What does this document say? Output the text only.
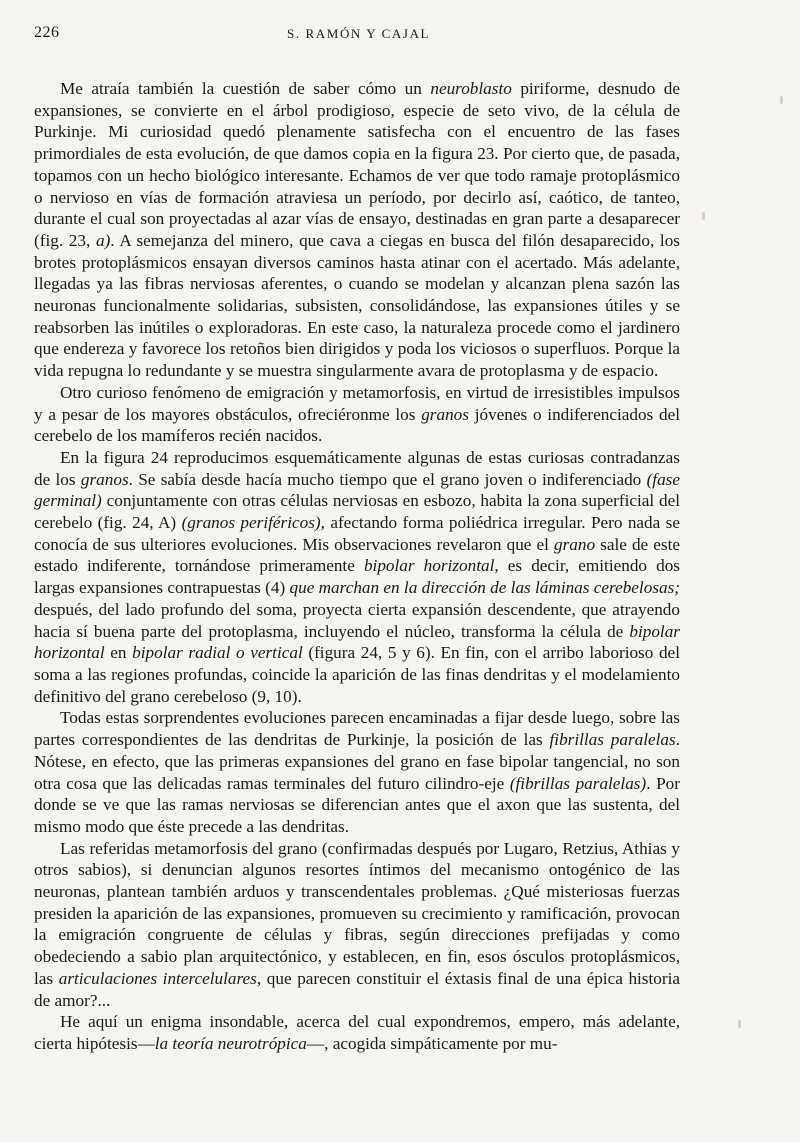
226	S. RAMÓN Y CAJAL

Me atraía también la cuestión de saber cómo un neuroblasto piriforme, desnudo de expansiones, se convierte en el árbol prodigioso, especie de seto vivo, de la célula de Purkinje. Mi curiosidad quedó plenamente satisfecha con el encuentro de las fases primordiales de esta evolución, de que damos copia en la figura 23. Por cierto que, de pasada, topamos con un hecho biológico interesante. Echamos de ver que todo ramaje protoplásmico o nervioso en vías de formación atraviesa un período, por decirlo así, caótico, de tanteo, durante el cual son proyectadas al azar vías de ensayo, destinadas en gran parte a desaparecer (fig. 23, a). A semejanza del minero, que cava a ciegas en busca del filón desaparecido, los brotes protoplásmicos ensayan diversos caminos hasta atinar con el acertado. Más adelante, llegadas ya las fibras nerviosas aferentes, o cuando se modelan y alcanzan plena sazón las neuronas funcionalmente solidarias, subsisten, consolidándose, las expansiones útiles y se reabsorben las inútiles o exploradoras. En este caso, la naturaleza procede como el jardinero que endereza y favorece los retoños bien dirigidos y poda los viciosos o superfluos. Porque la vida repugna lo redundante y se muestra singularmente avara de protoplasma y de espacio.

Otro curioso fenómeno de emigración y metamorfosis, en virtud de irresistibles impulsos y a pesar de los mayores obstáculos, ofreciéronme los granos jóvenes o indiferenciados del cerebelo de los mamíferos recién nacidos.

En la figura 24 reproducimos esquemáticamente algunas de estas curiosas contradanzas de los granos. Se sabía desde hacía mucho tiempo que el grano joven o indiferenciado (fase germinal) conjuntamente con otras células nerviosas en esbozo, habita la zona superficial del cerebelo (fig. 24, A) (granos periféricos), afectando forma poliédrica irregular. Pero nada se conocía de sus ulteriores evoluciones. Mis observaciones revelaron que el grano sale de este estado indiferente, tornándose primeramente bipolar horizontal, es decir, emitiendo dos largas expansiones contrapuestas (4) que marchan en la dirección de las láminas cerebelosas; después, del lado profundo del soma, proyecta cierta expansión descendente, que atrayendo hacia sí buena parte del protoplasma, incluyendo el núcleo, transforma la célula de bipolar horizontal en bipolar radial o vertical (figura 24, 5 y 6). En fin, con el arribo laborioso del soma a las regiones profundas, coincide la aparición de las finas dendritas y el modelamiento definitivo del grano cerebeloso (9, 10).

Todas estas sorprendentes evoluciones parecen encaminadas a fijar desde luego, sobre las partes correspondientes de las dendritas de Purkinje, la posición de las fibrillas paralelas. Nótese, en efecto, que las primeras expansiones del grano en fase bipolar tangencial, no son otra cosa que las delicadas ramas terminales del futuro cilindro-eje (fibrillas paralelas). Por donde se ve que las ramas nerviosas se diferencian antes que el axon que las sustenta, del mismo modo que éste precede a las dendritas.

Las referidas metamorfosis del grano (confirmadas después por Lugaro, Retzius, Athias y otros sabios), si denuncian algunos resortes íntimos del mecanismo ontogénico de las neuronas, plantean también arduos y transcendentales problemas. ¿Qué misteriosas fuerzas presiden la aparición de las expansiones, promueven su crecimiento y ramificación, provocan la emigración congruente de células y fibras, según direcciones prefijadas y como obedeciendo a sabio plan arquitectónico, y establecen, en fin, esos ósculos protoplásmicos, las articulaciones intercelulares, que parecen constituir el éxtasis final de una épica historia de amor?...

He aquí un enigma insondable, acerca del cual expondremos, empero, más adelante, cierta hipótesis—la teoría neurotrópica—, acogida simpáticamente por mu-
